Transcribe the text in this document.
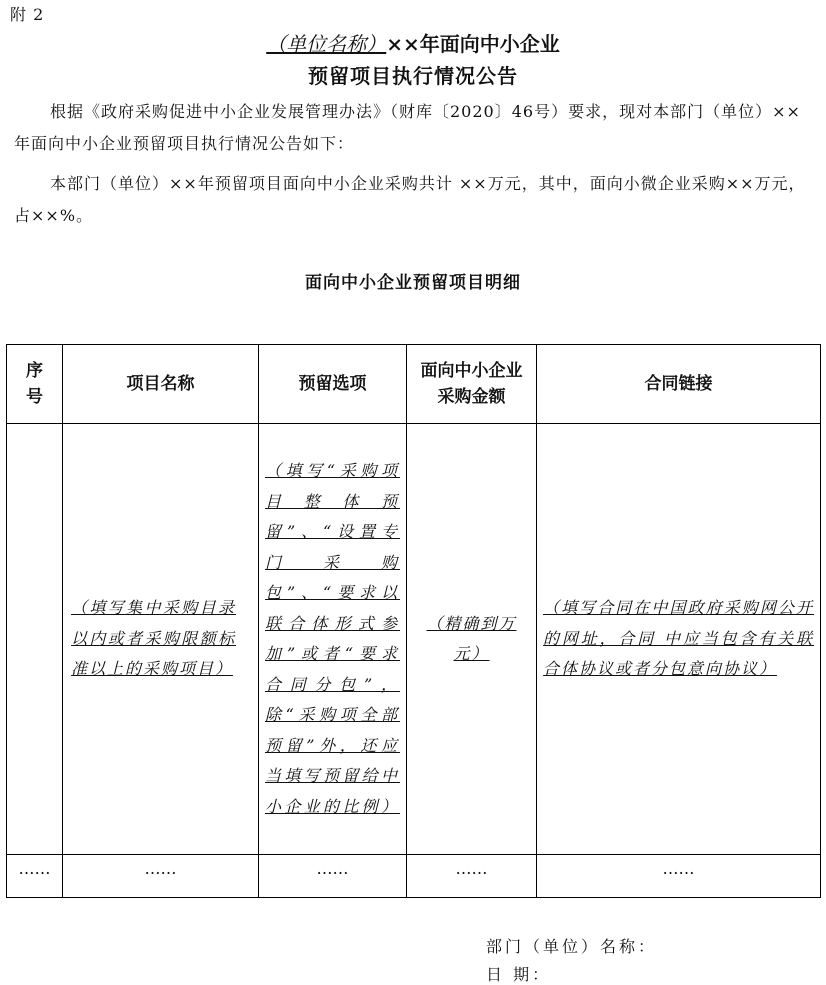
附 2
（单位名称）××年面向中小企业
预留项目执行情况公告
根据《政府采购促进中小企业发展管理办法》（财库〔2020〕46号）要求，现对本部门（单位）××年面向中小企业预留项目执行情况公告如下：
本部门（单位）××年预留项目面向中小企业采购共计 ××万元，其中，面向小微企业采购××万元，占××%。
面向中小企业预留项目明细
序号	项目名称	预留选项	面向中小企业采购金额	合同链接

	（填写集中采购目录以内或者采购限额标准以上的采购项目）	（填写“采购项目整体预留”、“设置专门采购包”、“要求以联合体形式参加”或者“要求合同分包”，除“采购项全部预留”外，还应当填写预留给中小企业的比例）	（精确到万元）	（填写合同在中国政府采购网公开的网址，合同 中应当包含有关联合体协议或者分包意向协议）

……	……	……	……	……
部门（单位）名称：
日 期：
